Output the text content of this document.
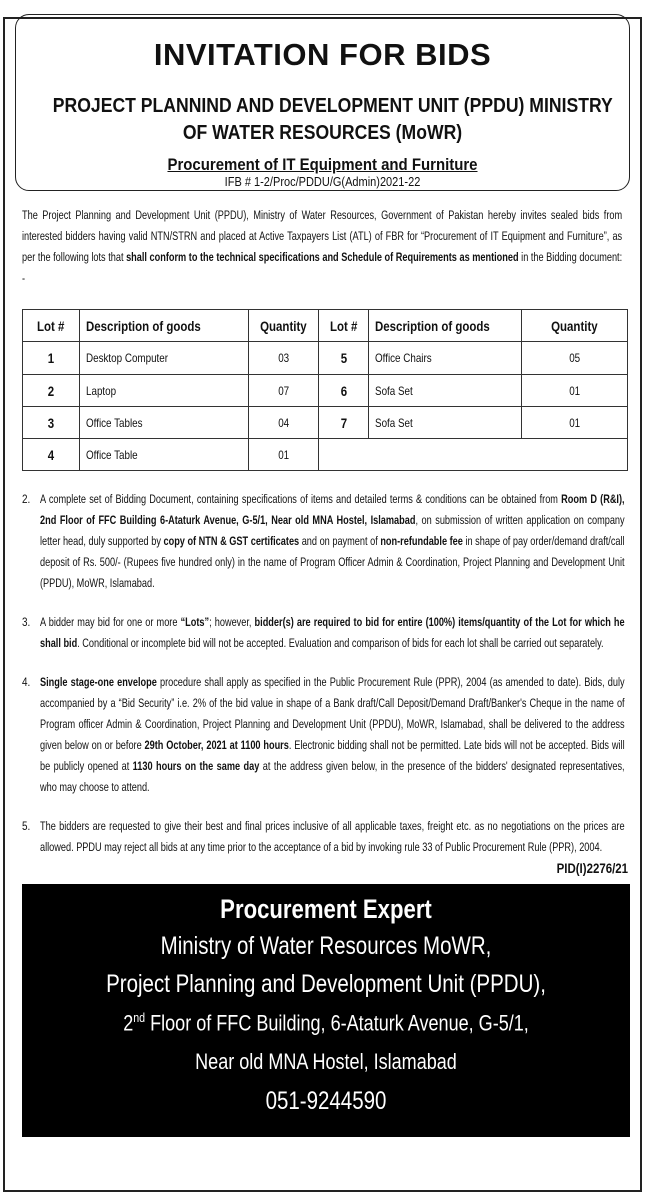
INVITATION FOR BIDS
PROJECT PLANNIND AND DEVELOPMENT UNIT (PPDU) MINISTRY
OF WATER RESOURCES (MoWR)
Procurement of IT Equipment and Furniture
IFB # 1-2/Proc/PDDU/G(Admin)2021-22
The Project Planning and Development Unit (PPDU), Ministry of Water Resources, Government of Pakistan hereby invites sealed bids from interested bidders having valid NTN/STRN and placed at Active Taxpayers List (ATL) of FBR for “Procurement of IT Equipment and Furniture”, as per the following lots that shall conform to the technical specifications and Schedule of Requirements as mentioned in the Bidding document: -
Lot #	Description of goods	Quantity	Lot #	Description of goods	Quantity
1	Desktop Computer	03	5	Office Chairs	05
2	Laptop	07	6	Sofa Set	01
3	Office Tables	04	7	Sofa Set	01
4	Office Table	01			
2. A complete set of Bidding Document, containing specifications of items and detailed terms & conditions can be obtained from Room D (R&I), 2nd Floor of FFC Building 6-Ataturk Avenue, G-5/1, Near old MNA Hostel, Islamabad, on submission of written application on company letter head, duly supported by copy of NTN & GST certificates and on payment of non-refundable fee in shape of pay order/demand draft/call deposit of Rs. 500/- (Rupees five hundred only) in the name of Program Officer Admin & Coordination, Project Planning and Development Unit (PPDU), MoWR, Islamabad.
3. A bidder may bid for one or more “Lots”; however, bidder(s) are required to bid for entire (100%) items/quantity of the Lot for which he shall bid. Conditional or incomplete bid will not be accepted. Evaluation and comparison of bids for each lot shall be carried out separately.
4. Single stage-one envelope procedure shall apply as specified in the Public Procurement Rule (PPR), 2004 (as amended to date). Bids, duly accompanied by a “Bid Security” i.e. 2% of the bid value in shape of a Bank draft/Call Deposit/Demand Draft/Banker's Cheque in the name of Program officer Admin & Coordination, Project Planning and Development Unit (PPDU), MoWR, Islamabad, shall be delivered to the address given below on or before 29th October, 2021 at 1100 hours. Electronic bidding shall not be permitted. Late bids will not be accepted. Bids will be publicly opened at 1130 hours on the same day at the address given below, in the presence of the bidders' designated representatives, who may choose to attend.
5. The bidders are requested to give their best and final prices inclusive of all applicable taxes, freight etc. as no negotiations on the prices are allowed. PPDU may reject all bids at any time prior to the acceptance of a bid by invoking rule 33 of Public Procurement Rule (PPR), 2004.
PID(I)2276/21
Procurement Expert
Ministry of Water Resources MoWR,
Project Planning and Development Unit (PPDU),
2nd Floor of FFC Building, 6-Ataturk Avenue, G-5/1,
Near old MNA Hostel, Islamabad
051-9244590
